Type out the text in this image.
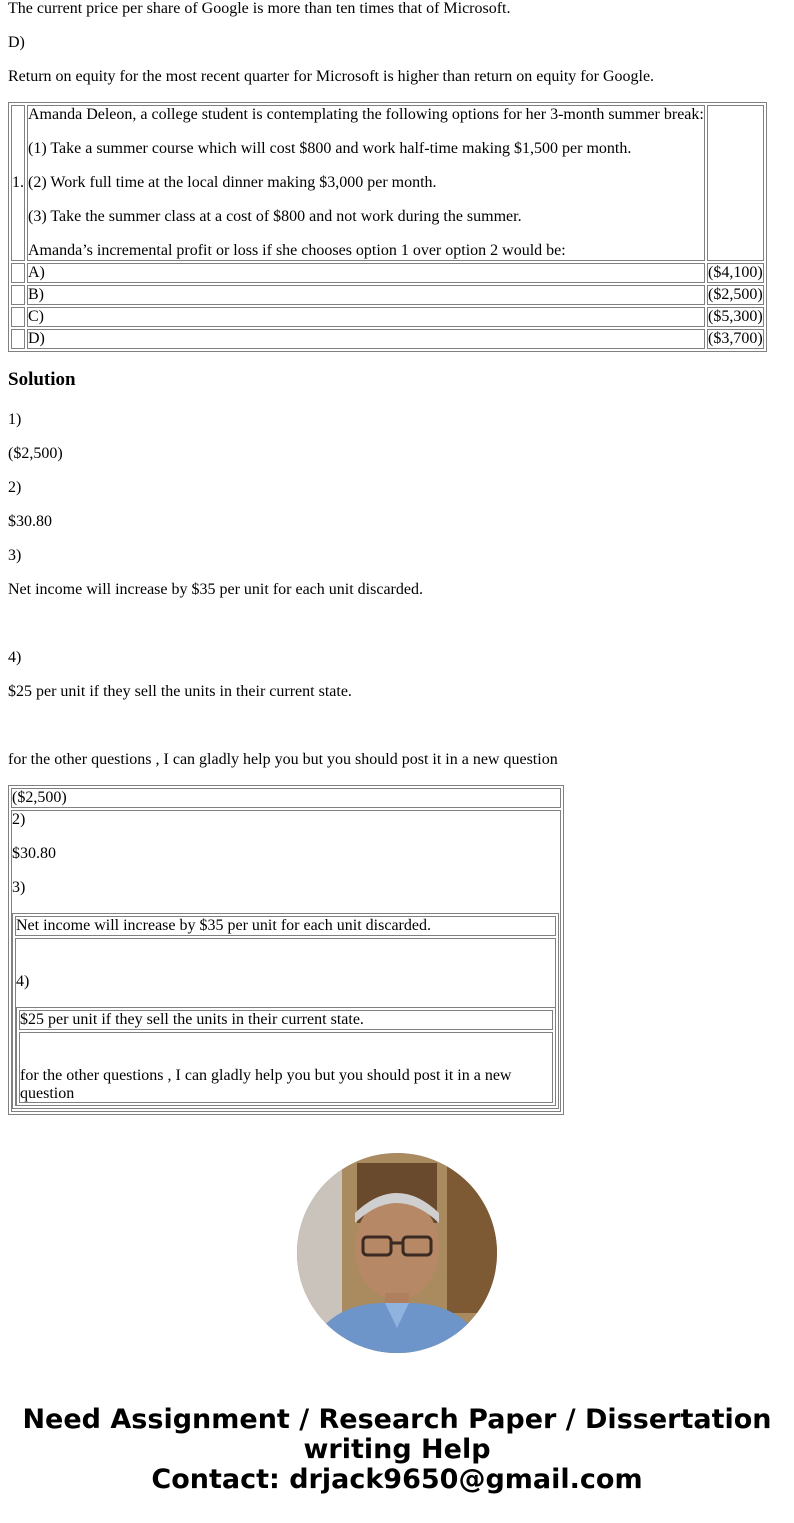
The current price per share of Google is more than ten times that of Microsoft.
D)
Return on equity for the most recent quarter for Microsoft is higher than return on equity for Google.
1.
Amanda Deleon, a college student is contemplating the following options for her 3-month summer break:
(1) Take a summer course which will cost $800 and work half-time making $1,500 per month.
(2) Work full time at the local dinner making $3,000 per month.
(3) Take the summer class at a cost of $800 and not work during the summer.
Amanda’s incremental profit or loss if she chooses option 1 over option 2 would be:
A)	($4,100)
B)	($2,500)
C)	($5,300)
D)	($3,700)
Solution
1)
($2,500)
2)
$30.80
3)
Net income will increase by $35 per unit for each unit discarded.
4)
$25 per unit if they sell the units in their current state.
for the other questions , I can gladly help you but you should post it in a new question
($2,500)
2)
$30.80
3)
Net income will increase by $35 per unit for each unit discarded.
4)
$25 per unit if they sell the units in their current state.
for the other questions , I can gladly help you but you should post it in a new
question
Need Assignment / Research Paper / Dissertation
writing Help
Contact: drjack9650@gmail.com
